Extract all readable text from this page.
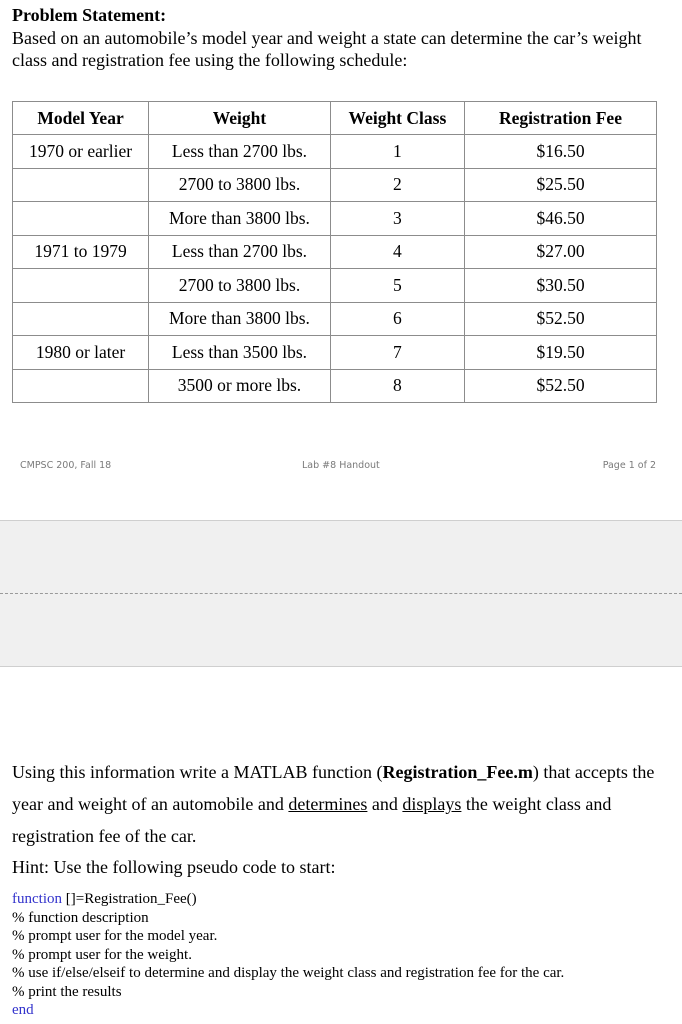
Problem Statement:
Based on an automobile’s model year and weight a state can determine the car’s weight class and registration fee using the following schedule:
Model Year	Weight	Weight Class	Registration Fee
1970 or earlier	Less than 2700 lbs.	1	$16.50
	2700 to 3800 lbs.	2	$25.50
	More than 3800 lbs.	3	$46.50
1971 to 1979	Less than 2700 lbs.	4	$27.00
	2700 to 3800 lbs.	5	$30.50
	More than 3800 lbs.	6	$52.50
1980 or later	Less than 3500 lbs.	7	$19.50
	3500 or more lbs.	8	$52.50
CMPSC 200, Fall 18	Lab #8 Handout	Page 1 of 2
Using this information write a MATLAB function (Registration_Fee.m) that accepts the year and weight of an automobile and determines and displays the weight class and registration fee of the car.
Hint: Use the following pseudo code to start:
function []=Registration_Fee()
% function description
% prompt user for the model year.
% prompt user for the weight.
% use if/else/elseif to determine and display the weight class and registration fee for the car.
% print the results
end
